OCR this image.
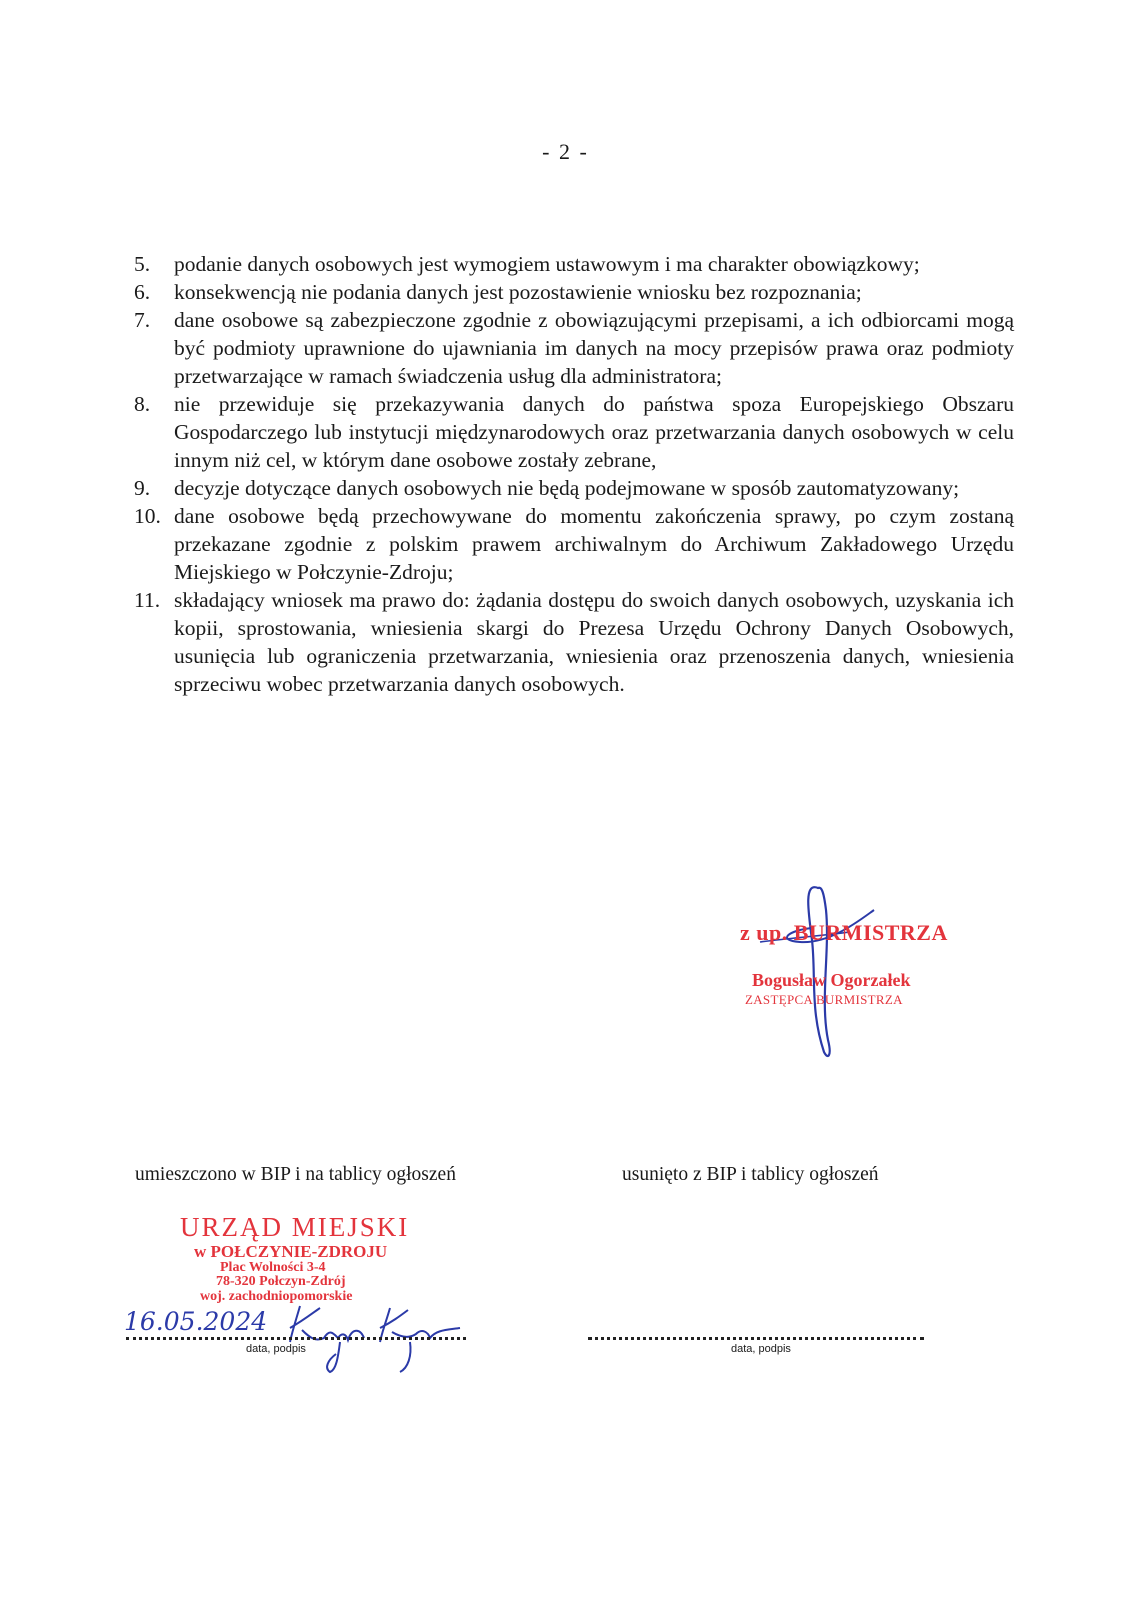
- 2 -
5.	podanie danych osobowych jest wymogiem ustawowym i ma charakter obowiązkowy;
6.	konsekwencją nie podania danych jest pozostawienie wniosku bez rozpoznania;
7.	dane osobowe są zabezpieczone zgodnie z obowiązującymi przepisami, a ich odbiorcami mogą być podmioty uprawnione do ujawniania im danych na mocy przepisów prawa oraz podmioty przetwarzające w ramach świadczenia usług dla administratora;
8.	nie przewiduje się przekazywania danych do państwa spoza Europejskiego Obszaru Gospodarczego lub instytucji międzynarodowych oraz przetwarzania danych osobowych w celu innym niż cel, w którym dane osobowe zostały zebrane,
9.	decyzje dotyczące danych osobowych nie będą podejmowane w sposób zautomatyzowany;
10. dane osobowe będą przechowywane do momentu zakończenia sprawy, po czym zostaną przekazane zgodnie z polskim prawem archiwalnym do Archiwum Zakładowego Urzędu Miejskiego w Połczynie-Zdroju;
11. składający wniosek ma prawo do: żądania dostępu do swoich danych osobowych, uzyskania ich kopii, sprostowania, wniesienia skargi do Prezesa Urzędu Ochrony Danych Osobowych, usunięcia lub ograniczenia przetwarzania, wniesienia oraz przenoszenia danych, wniesienia sprzeciwu wobec przetwarzania danych osobowych.
z up. BURMISTRZA
Bogusław Ogorzałek
ZASTĘPCA BURMISTRZA
umieszczono w BIP i na tablicy ogłoszeń	usunięto z BIP i tablicy ogłoszeń
URZĄD MIEJSKI
w POŁCZYNIE-ZDROJU
Plac Wolności 3-4
78-320 Połczyn-Zdrój
woj. zachodniopomorskie
16.05.2024
data, podpis	data, podpis
